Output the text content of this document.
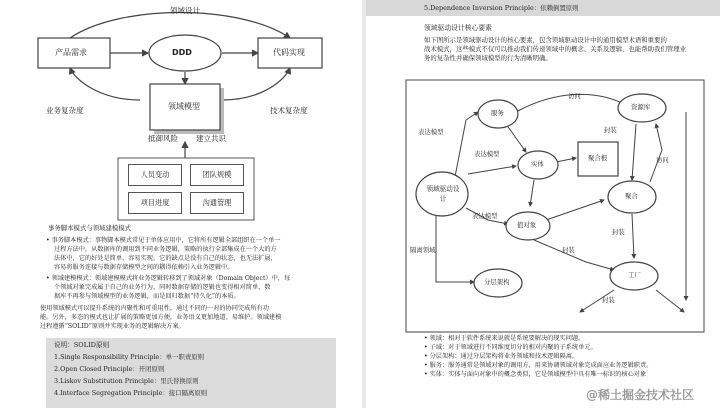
领域设计
DDD
产品需求	代码实现
业务复杂度	技术复杂度
领域模型
抵御风险 建立共识
人员变动	团队规模
项目进度	沟通管理
事务脚本模式与领域建模模式
• 事务脚本模式：事物脚本模式常见于单体应用中，它将所有逻辑全部组织在一个单一
过程方法中，从数据库的调用到不同业务逻辑，策略的执行全部集成在一个大的方
法体中，它的好处是简单、容易实现，它的缺点是没有自己的状态，也无法扩展，
容易将服务连接与数据存储模型之间的耦得依赖引入业务逻辑中。
• 领域建模模式：领域建模模式将业务逻辑转移到了领域对象（Domain Object）中，每
个领域对象完成属于自己的业务行为，同时数据存储的逻辑也变得相对简单，数
据库不再参与领域模型的业务逻辑，而是回归数据“持久化”的本质。
使用领域模式可以提升系统的内聚性和可重用性，通过不同的一对的协同完成所有功
能。另外，多态的模式也让扩展的策略更加方便，业务语义更加地道、易维护。领域建模
过程遵循“SOLID”原则并实现业务的逻辑解决方案。
说明：SOLID原则
1.Single Responsibility Principle：单一职责原则
2.Open Closed Principle：开闭原则
3.Liskov Substitution Principle：里氏替换原则
4.Interface Segregation Principle：接口隔离原则
5.Dependence Inversion Principle：依赖倒置原则
领域驱动设计核心要素
如下图所示是领域驱动设计的核心要素，包含领域驱动设计中的通用模型术语和重要的
战术模式，这些模式不仅可以推动我们传递领域中的概念、关系及逻辑，也能帮助我们管理业
务的复杂性并确保领域模型的行为清晰明确。
领域驱动设计
服务
实体
资源库
聚合根
聚合
值对象
分层架构
工厂
表达模型
表达模型
表达模型
隔离领域
访问
访问
封装
封装
封装
封装
• 领域：相对于软件系统来说就是系统要解决的现实问题。
• 子域：对于领域进行不同维度切分的相对内聚的子系统单元。
• 分层架构：通过分层架构将业务领域和技术逻辑隔离。
• 服务：服务通常是领域对象的调用方，用来协调领域对象完成面应业务逻辑职责。
• 实体：实体与面向对象中的概念类似，它是领域模型中具有唯一标识的核心对象
@稀土掘金技术社区
